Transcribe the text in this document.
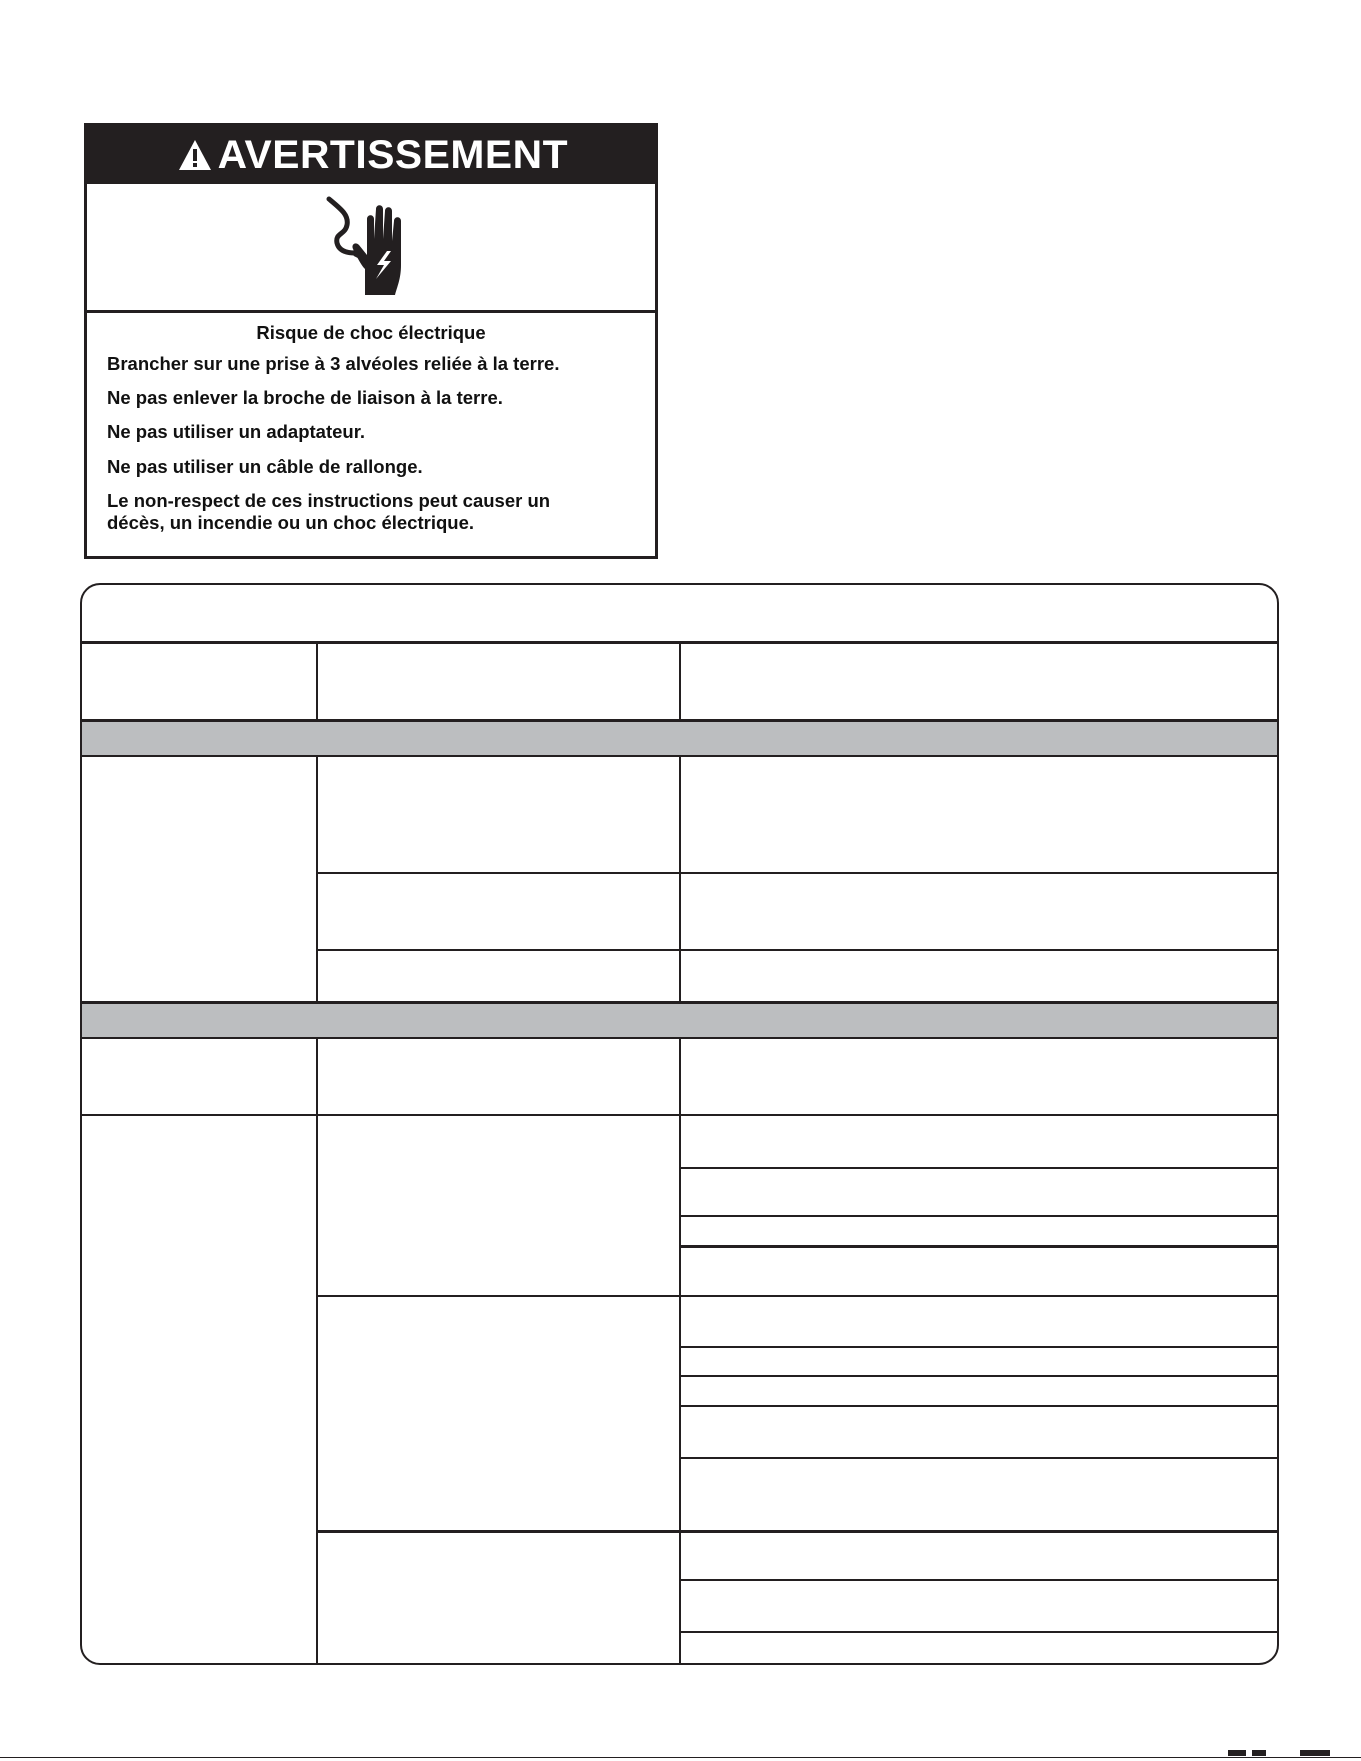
AVERTISSEMENT

Risque de choc électrique

Brancher sur une prise à 3 alvéoles reliée à la terre.

Ne pas enlever la broche de liaison à la terre.

Ne pas utiliser un adaptateur.

Ne pas utiliser un câble de rallonge.

Le non-respect de ces instructions peut causer un décès, un incendie ou un choc électrique.
